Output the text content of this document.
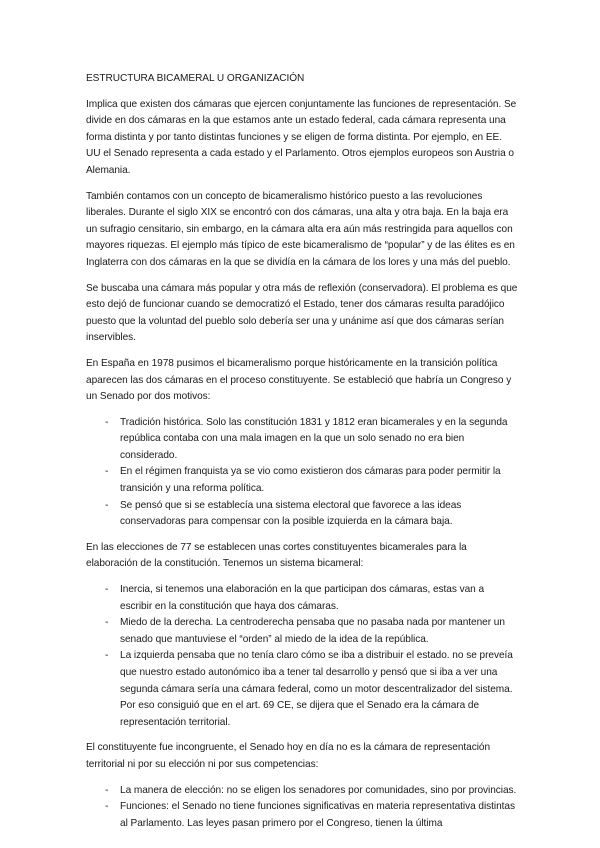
ESTRUCTURA BICAMERAL U ORGANIZACIÓN

Implica que existen dos cámaras que ejercen conjuntamente las funciones de representación. Se divide en dos cámaras en la que estamos ante un estado federal, cada cámara representa una forma distinta y por tanto distintas funciones y se eligen de forma distinta. Por ejemplo, en EE. UU el Senado representa a cada estado y el Parlamento. Otros ejemplos europeos son Austria o Alemania.

También contamos con un concepto de bicameralismo histórico puesto a las revoluciones liberales. Durante el siglo XIX se encontró con dos cámaras, una alta y otra baja. En la baja era un sufragio censitario, sin embargo, en la cámara alta era aún más restringida para aquellos con mayores riquezas. El ejemplo más típico de este bicameralismo de “popular” y de las élites es en Inglaterra con dos cámaras en la que se dividía en la cámara de los lores y una más del pueblo.

Se buscaba una cámara más popular y otra más de reflexión (conservadora). El problema es que esto dejó de funcionar cuando se democratizó el Estado, tener dos cámaras resulta paradójico puesto que la voluntad del pueblo solo debería ser una y unánime así que dos cámaras serían inservibles.

En España en 1978 pusimos el bicameralismo porque históricamente en la transición política aparecen las dos cámaras en el proceso constituyente. Se estableció que habría un Congreso y un Senado por dos motivos:

- Tradición histórica. Solo las constitución 1831 y 1812 eran bicamerales y en la segunda república contaba con una mala imagen en la que un solo senado no era bien considerado.
- En el régimen franquista ya se vio como existieron dos cámaras para poder permitir la transición y una reforma política.
- Se pensó que si se establecía una sistema electoral que favorece a las ideas conservadoras para compensar con la posible izquierda en la cámara baja.

En las elecciones de 77 se establecen unas cortes constituyentes bicamerales para la elaboración de la constitución. Tenemos un sistema bicameral:

- Inercia, si tenemos una elaboración en la que participan dos cámaras, estas van a escribir en la constitución que haya dos cámaras.
- Miedo de la derecha. La centroderecha pensaba que no pasaba nada por mantener un senado que mantuviese el “orden” al miedo de la idea de la república.
- La izquierda pensaba que no tenía claro cómo se iba a distribuir el estado. no se preveía que nuestro estado autonómico iba a tener tal desarrollo y pensó que si iba a ver una segunda cámara sería una cámara federal, como un motor descentralizador del sistema. Por eso consiguió que en el art. 69 CE, se dijera que el Senado era la cámara de representación territorial.

El constituyente fue incongruente, el Senado hoy en día no es la cámara de representación territorial ni por su elección ni por sus competencias:

- La manera de elección: no se eligen los senadores por comunidades, sino por provincias.
- Funciones: el Senado no tiene funciones significativas en materia representativa distintas al Parlamento. Las leyes pasan primero por el Congreso, tienen la última
